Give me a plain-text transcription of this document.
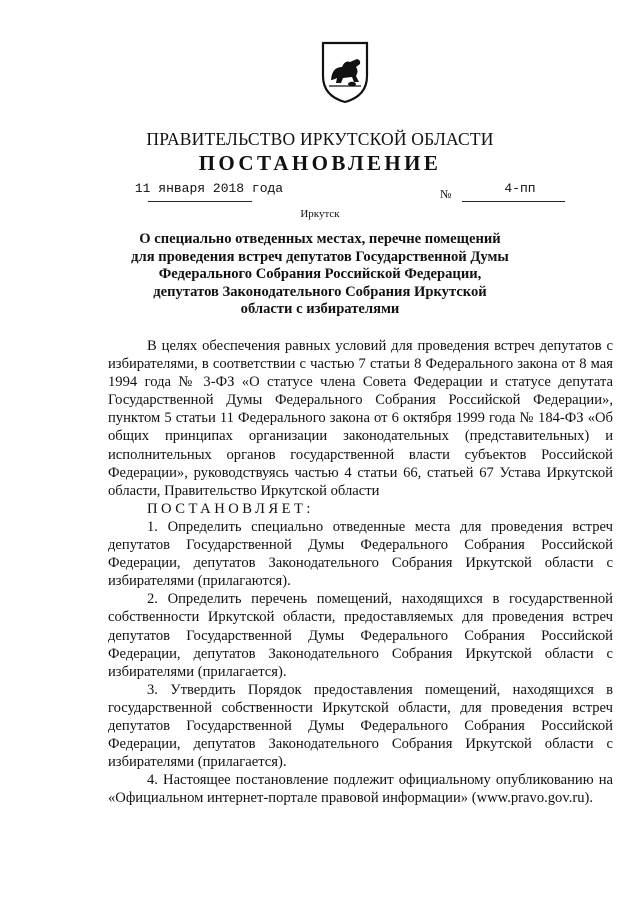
ПРАВИТЕЛЬСТВО ИРКУТСКОЙ ОБЛАСТИ
ПОСТАНОВЛЕНИЕ
11 января 2018 года	№	4-пп
Иркутск
О специально отведенных местах, перечне помещений для проведения встреч депутатов Государственной Думы Федерального Собрания Российской Федерации, депутатов Законодательного Собрания Иркутской области с избирателями

В целях обеспечения равных условий для проведения встреч депутатов с избирателями, в соответствии с частью 7 статьи 8 Федерального закона от 8 мая 1994 года № 3-ФЗ «О статусе члена Совета Федерации и статусе депутата Государственной Думы Федерального Собрания Российской Федерации», пунктом 5 статьи 11 Федерального закона от 6 октября 1999 года № 184-ФЗ «Об общих принципах организации законодательных (представительных) и исполнительных органов государственной власти субъектов Российской Федерации», руководствуясь частью 4 статьи 66, статьей 67 Устава Иркутской области, Правительство Иркутской области
ПОСТАНОВЛЯЕТ:

1. Определить специально отведенные места для проведения встреч депутатов Государственной Думы Федерального Собрания Российской Федерации, депутатов Законодательного Собрания Иркутской области с избирателями (прилагаются).

2. Определить перечень помещений, находящихся в государственной собственности Иркутской области, предоставляемых для проведения встреч депутатов Государственной Думы Федерального Собрания Российской Федерации, депутатов Законодательного Собрания Иркутской области с избирателями (прилагается).

3. Утвердить Порядок предоставления помещений, находящихся в государственной собственности Иркутской области, для проведения встреч депутатов Государственной Думы Федерального Собрания Российской Федерации, депутатов Законодательного Собрания Иркутской области с избирателями (прилагается).

4. Настоящее постановление подлежит официальному опубликованию на «Официальном интернет-портале правовой информации» (www.pravo.gov.ru).
